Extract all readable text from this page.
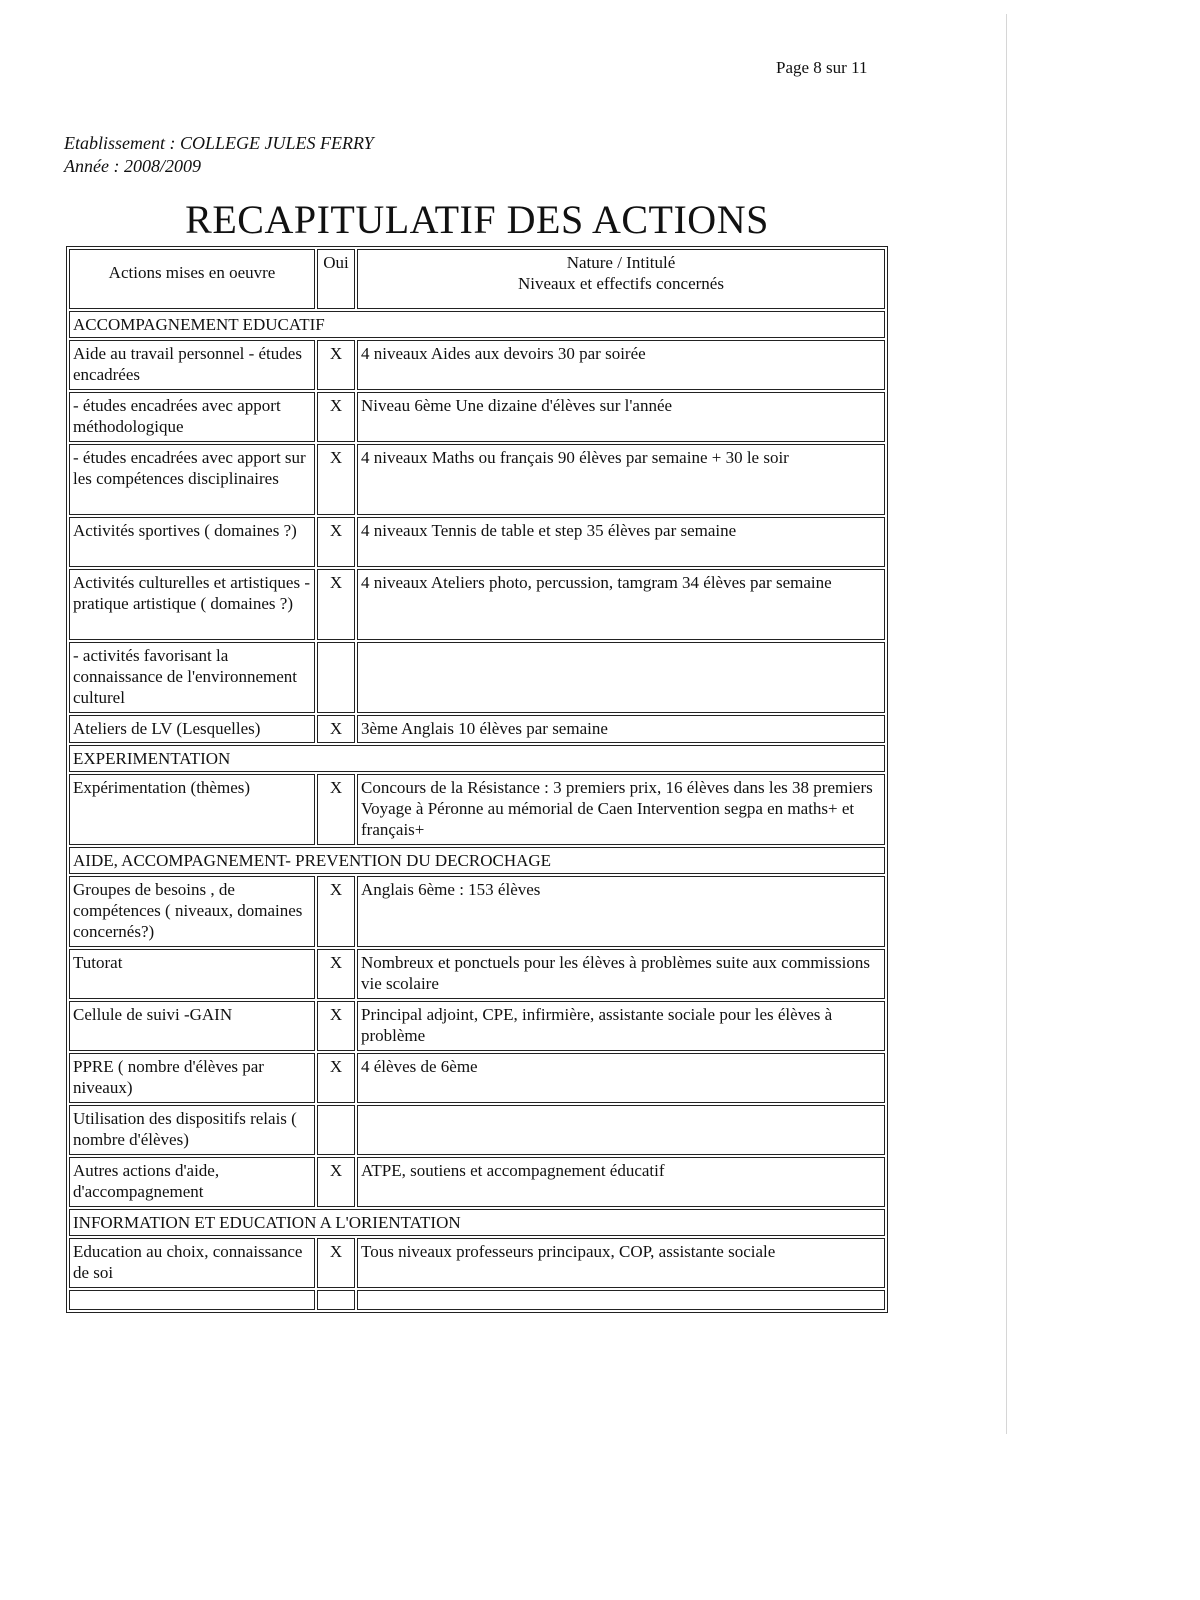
Page 8 sur 11
Etablissement : COLLEGE JULES FERRY
Année : 2008/2009
RECAPITULATIF DES ACTIONS
Actions mises en oeuvre	Oui	Nature / Intitulé
Niveaux et effectifs concernés

ACCOMPAGNEMENT EDUCATIF		
Aide au travail personnel - études encadrées	X	4 niveaux Aides aux devoirs 30 par soirée
- études encadrées avec apport méthodologique	X	Niveau 6ème Une dizaine d'élèves sur l'année
- études encadrées avec apport sur les compétences disciplinaires	X	4 niveaux Maths ou français 90 élèves par semaine + 30 le soir
Activités sportives ( domaines ?)	X	4 niveaux Tennis de table et step 35 élèves par semaine
Activités culturelles et artistiques - pratique artistique ( domaines ?)	X	4 niveaux Ateliers photo, percussion, tamgram 34 élèves par semaine
- activités favorisant la connaissance de l'environnement culturel		
Ateliers de LV (Lesquelles)	X	3ème Anglais 10 élèves par semaine
EXPERIMENTATION		
Expérimentation (thèmes)	X	Concours de la Résistance : 3 premiers prix, 16 élèves dans les 38 premiers Voyage à Péronne au mémorial de Caen Intervention segpa en maths+ et français+
AIDE, ACCOMPAGNEMENT- PREVENTION DU DECROCHAGE		
Groupes de besoins , de compétences ( niveaux, domaines concernés?)	X	Anglais 6ème : 153 élèves
Tutorat	X	Nombreux et ponctuels pour les élèves à problèmes suite aux commissions vie scolaire
Cellule de suivi -GAIN	X	Principal adjoint, CPE, infirmière, assistante sociale pour les élèves à problème
PPRE ( nombre d'élèves par niveaux)	X	4 élèves de 6ème
Utilisation des dispositifs relais ( nombre d'élèves)		
Autres actions d'aide, d'accompagnement	X	ATPE, soutiens et accompagnement éducatif
INFORMATION ET EDUCATION A L'ORIENTATION		
Education au choix, connaissance de soi	X	Tous niveaux professeurs principaux, COP, assistante sociale
